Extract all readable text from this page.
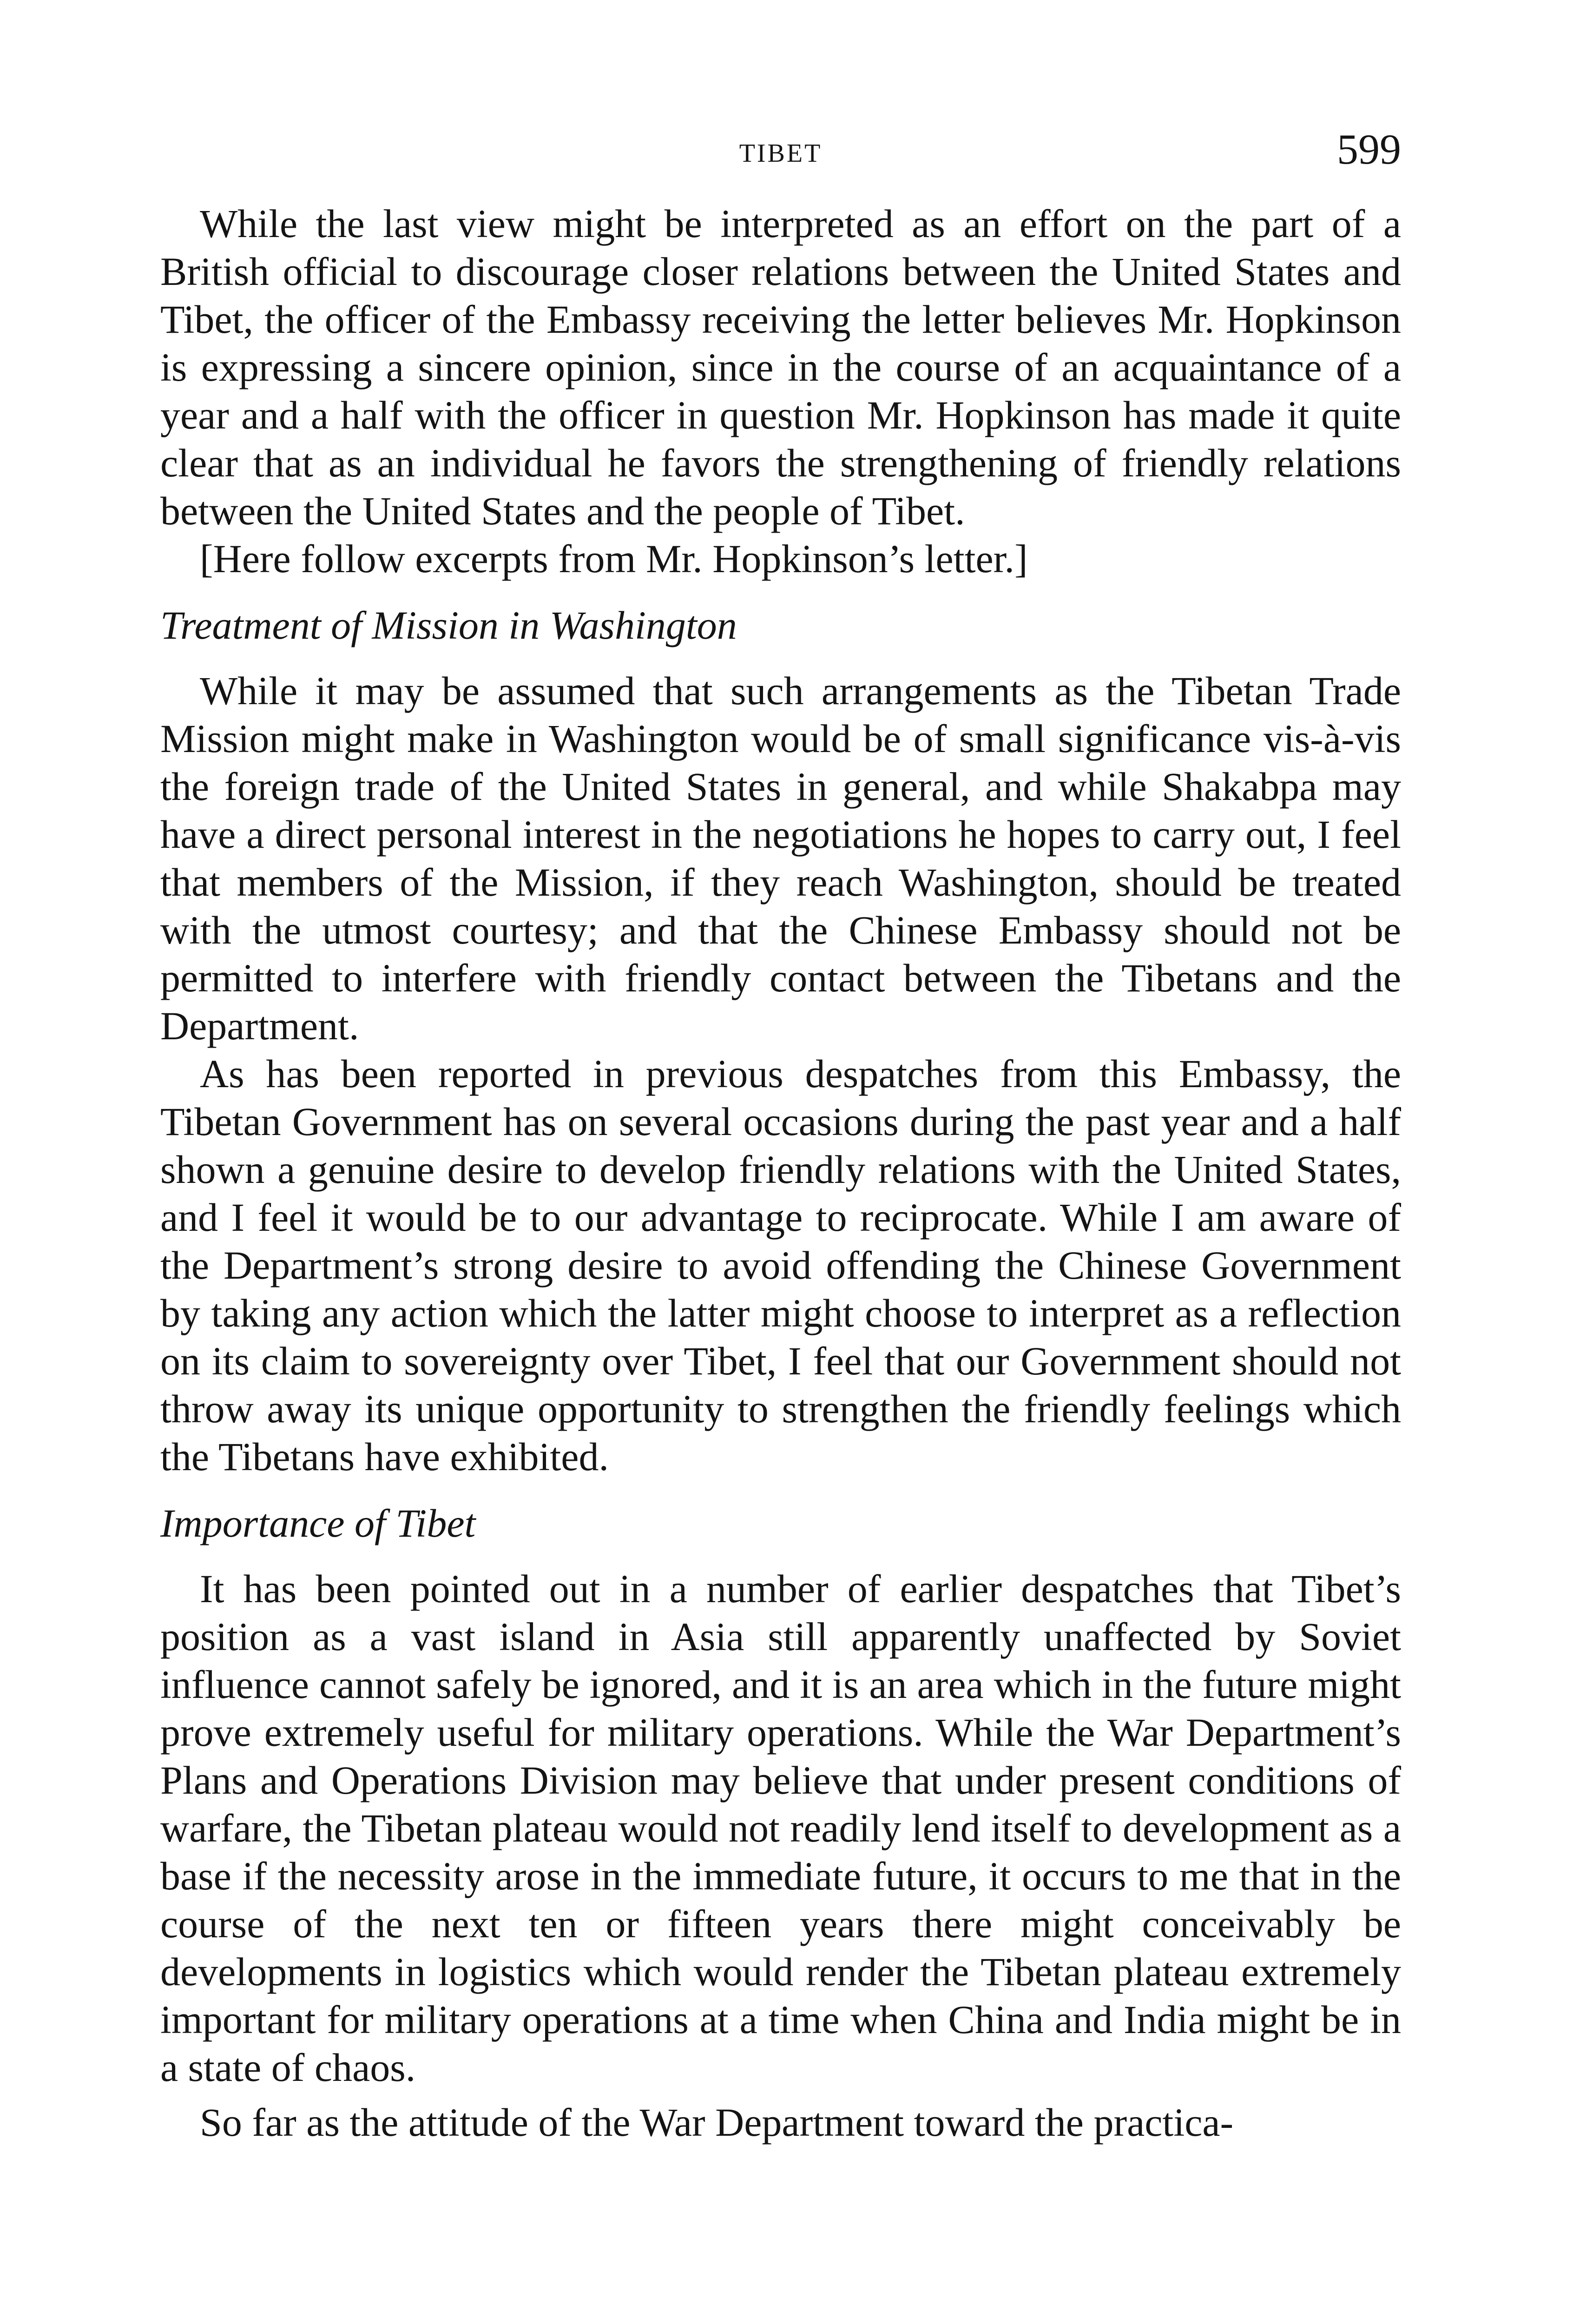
TIBET	599

While the last view might be interpreted as an effort on the part of a British official to discourage closer relations between the United States and Tibet, the officer of the Embassy receiving the letter believes Mr. Hopkinson is expressing a sincere opinion, since in the course of an acquaintance of a year and a half with the officer in question Mr. Hopkinson has made it quite clear that as an individual he favors the strengthening of friendly relations between the United States and the people of Tibet.

[Here follow excerpts from Mr. Hopkinson’s letter.]

Treatment of Mission in Washington

While it may be assumed that such arrangements as the Tibetan Trade Mission might make in Washington would be of small significance vis-à-vis the foreign trade of the United States in general, and while Shakabpa may have a direct personal interest in the negotiations he hopes to carry out, I feel that members of the Mission, if they reach Washington, should be treated with the utmost courtesy; and that the Chinese Embassy should not be permitted to interfere with friendly contact between the Tibetans and the Department.

As has been reported in previous despatches from this Embassy, the Tibetan Government has on several occasions during the past year and a half shown a genuine desire to develop friendly relations with the United States, and I feel it would be to our advantage to reciprocate. While I am aware of the Department’s strong desire to avoid offending the Chinese Government by taking any action which the latter might choose to interpret as a reflection on its claim to sovereignty over Tibet, I feel that our Government should not throw away its unique opportunity to strengthen the friendly feelings which the Tibetans have exhibited.

Importance of Tibet

It has been pointed out in a number of earlier despatches that Tibet’s position as a vast island in Asia still apparently unaffected by Soviet influence cannot safely be ignored, and it is an area which in the future might prove extremely useful for military operations. While the War Department’s Plans and Operations Division may believe that under present conditions of warfare, the Tibetan plateau would not readily lend itself to development as a base if the necessity arose in the immediate future, it occurs to me that in the course of the next ten or fifteen years there might conceivably be developments in logistics which would render the Tibetan plateau extremely important for military operations at a time when China and India might be in a state of chaos.

So far as the attitude of the War Department toward the practica-
